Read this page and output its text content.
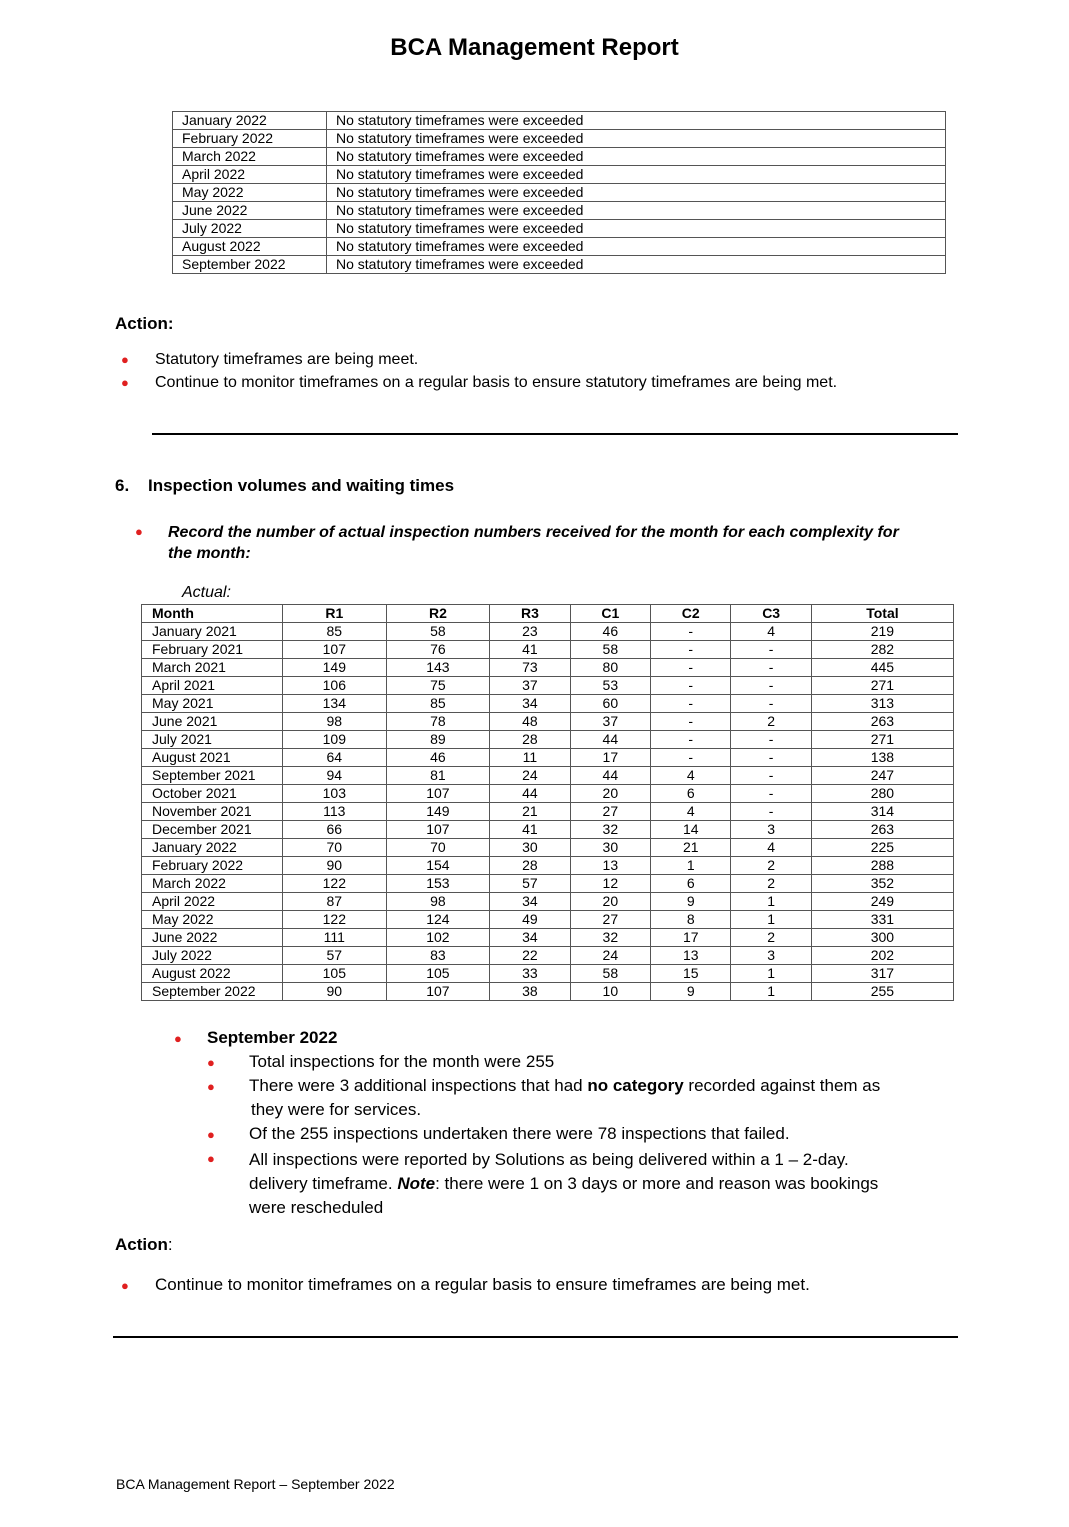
BCA Management Report
January 2022	No statutory timeframes were exceeded
February 2022	No statutory timeframes were exceeded
March 2022	No statutory timeframes were exceeded
April 2022	No statutory timeframes were exceeded
May 2022	No statutory timeframes were exceeded
June 2022	No statutory timeframes were exceeded
July 2022	No statutory timeframes were exceeded
August 2022	No statutory timeframes were exceeded
September 2022	No statutory timeframes were exceeded
Action:
● Statutory timeframes are being meet.
● Continue to monitor timeframes on a regular basis to ensure statutory timeframes are being met.
6. Inspection volumes and waiting times
● Record the number of actual inspection numbers received for the month for each complexity for
the month:
Actual:
Month	R1	R2	R3	C1	C2	C3	Total
January 2021	85	58	23	46	-	4	219
February 2021	107	76	41	58	-	-	282
March 2021	149	143	73	80	-	-	445
April 2021	106	75	37	53	-	-	271
May 2021	134	85	34	60	-	-	313
June 2021	98	78	48	37	-	2	263
July 2021	109	89	28	44	-	-	271
August 2021	64	46	11	17	-	-	138
September 2021	94	81	24	44	4	-	247
October 2021	103	107	44	20	6	-	280
November 2021	113	149	21	27	4	-	314
December 2021	66	107	41	32	14	3	263
January 2022	70	70	30	30	21	4	225
February 2022	90	154	28	13	1	2	288
March 2022	122	153	57	12	6	2	352
April 2022	87	98	34	20	9	1	249
May 2022	122	124	49	27	8	1	331
June 2022	111	102	34	32	17	2	300
July 2022	57	83	22	24	13	3	202
August 2022	105	105	33	58	15	1	317
September 2022	90	107	38	10	9	1	255
● September 2022
● Total inspections for the month were 255
● There were 3 additional inspections that had no category recorded against them as
they were for services.
● Of the 255 inspections undertaken there were 78 inspections that failed.
● All inspections were reported by Solutions as being delivered within a 1 – 2-day.
delivery timeframe. Note: there were 1 on 3 days or more and reason was bookings
were rescheduled
Action:
● Continue to monitor timeframes on a regular basis to ensure timeframes are being met.
BCA Management Report – September 2022
